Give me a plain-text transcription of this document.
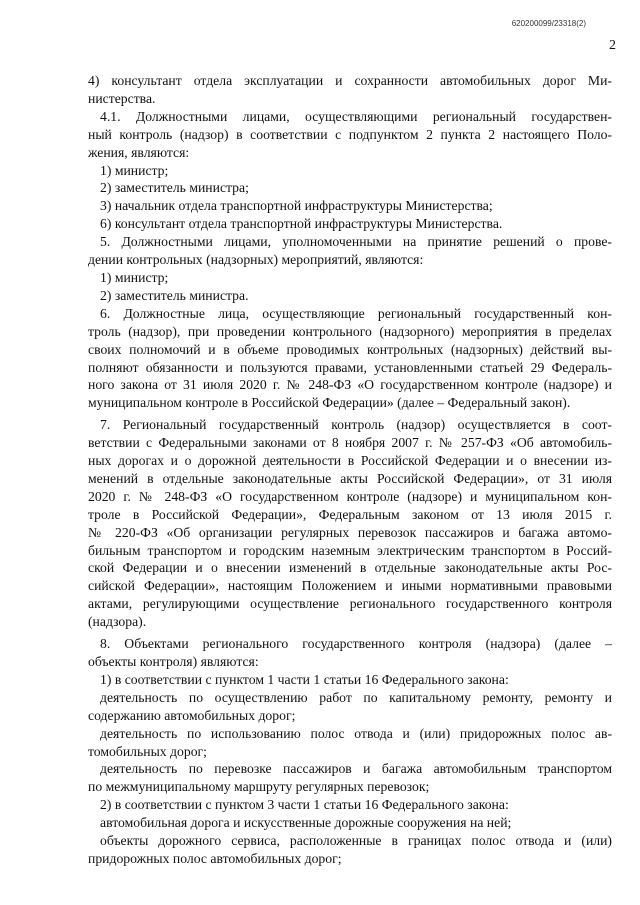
620200099/23318(2)
2

4) консультант отдела эксплуатации и сохранности автомобильных дорог Ми-
нистерства.

4.1. Должностными лицами, осуществляющими региональный государствен-
ный контроль (надзор) в соответствии с подпунктом 2 пункта 2 настоящего Поло-
жения, являются:

1) министр;

2) заместитель министра;

3) начальник отдела транспортной инфраструктуры Министерства;

6) консультант отдела транспортной инфраструктуры Министерства.

5. Должностными лицами, уполномоченными на принятие решений о прове-
дении контрольных (надзорных) мероприятий, являются:

1) министр;

2) заместитель министра.

6. Должностные лица, осуществляющие региональный государственный кон-
троль (надзор), при проведении контрольного (надзорного) мероприятия в пределах
своих полномочий и в объеме проводимых контрольных (надзорных) действий вы-
полняют обязанности и пользуются правами, установленными статьей 29 Федераль-
ного закона от 31 июля 2020 г. № 248-ФЗ «О государственном контроле (надзоре) и
муниципальном контроле в Российской Федерации» (далее – Федеральный закон).

7. Региональный государственный контроль (надзор) осуществляется в соот-
ветствии с Федеральными законами от 8 ноября 2007 г. № 257-ФЗ «Об автомобиль-
ных дорогах и о дорожной деятельности в Российской Федерации и о внесении из-
менений в отдельные законодательные акты Российской Федерации», от 31 июля
2020 г. № 248-ФЗ «О государственном контроле (надзоре) и муниципальном кон-
троле в Российской Федерации», Федеральным законом от 13 июля 2015 г.
№ 220-ФЗ «Об организации регулярных перевозок пассажиров и багажа автомо-
бильным транспортом и городским наземным электрическим транспортом в Россий-
ской Федерации и о внесении изменений в отдельные законодательные акты Рос-
сийской Федерации», настоящим Положением и иными нормативными правовыми
актами, регулирующими осуществление регионального государственного контроля
(надзора).

8. Объектами регионального государственного контроля (надзора) (далее –
объекты контроля) являются:

1) в соответствии с пунктом 1 части 1 статьи 16 Федерального закона:

деятельность по осуществлению работ по капитальному ремонту, ремонту и
содержанию автомобильных дорог;

деятельность по использованию полос отвода и (или) придорожных полос ав-
томобильных дорог;

деятельность по перевозке пассажиров и багажа автомобильным транспортом
по межмуниципальному маршруту регулярных перевозок;

2) в соответствии с пунктом 3 части 1 статьи 16 Федерального закона:

автомобильная дорога и искусственные дорожные сооружения на ней;

объекты дорожного сервиса, расположенные в границах полос отвода и (или)
придорожных полос автомобильных дорог;
